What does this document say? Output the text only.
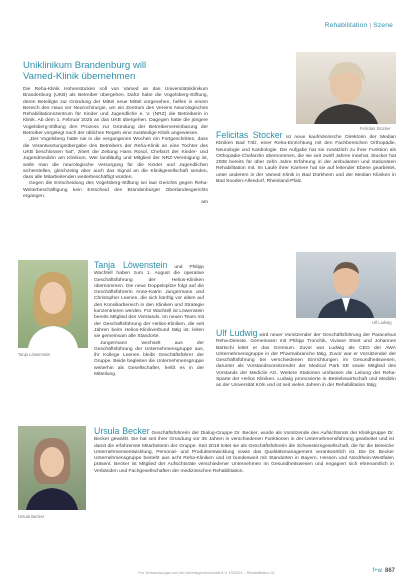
Rehabilitation | Szene
Uniklinikum Brandenburg will
Vamed-Klinik übernehmen

Die Reha-Klinik Hohenstücken soll von Vamed an das Universitätsklinikum Brandenburg (UKB) als Betreiber übergehen. Dafür habe die Vogelsberg-Stiftung, deren Beteiligte zur Gründung der Mittel neue Mittel vorgesehen, helfen in einem Bereich des Haus vor Neurochirurgie, um ein Zentrum des Vereins Neurologisches Rehabilitationszentrum für Kinder und Jugendliche e. V. (NRZ) die Betreiberin in Klinik. Ab dem 1. Februar 2025 an das UKB übergehen. Dagegen hatte die jüngere Vogelsberg-Stiftung den Prozess zur Gründung der Betreibervereinbarung der Betreiber vorgelegt nach der üblichen Regeln eine zuständige Klinik angewiesen.

„Der Vogelsberg hatte nie in die vergangenen Wochen ein Fortgeschritten, dass die Verantwortungsübergabe des Betreibers der Reha-Klinik an eine Tochter des UKB beschlossen hat“, zitiert die Zeitung Hans Rosol, Chefarzt der Kinder- und Jugendmedizin am Klinikum. Wer landläufig und Mitglied der NRZ-Vereinigung ist, wolle man die neurologische Versorgung für die Kinder und Jugendlichen sicherstellen, gleichzeitig aber auch das Signal an die Klinikgesellschaft senden, dass alle Mitarbeitenden weiterbeschäftigt würden.

Gegen die Entscheidung des Vogelsberg-Stiftung sei laut Gerichts gegen Reha-Weiterbeschäftigung kein Entscheid des Brandenburger Oberlandesgerichts ergangen.

am
Felicitas Stocker
Felicitas Stocker ist neue kaufmännische Direktorin der Median Kliniken Bad Tölz, einer Reha-Einrichtung mit den Fachbereichen Orthopädie, Neurologie und Kardiologie. Die Aufgabe hat sie zusätzlich zu ihrer Funktion als Orthopädie-Chefarztin übernommen, die sie seit zwölf Jahren innehat. Stocker hat 2008 bereits für über zehn Jahre Erfahrung in der ambulanten und stationären Rehabilitation mit. Im Laufe ihrer Karriere hat sie auf leitender Ebene gearbeitet, unter anderem in der Vamed Klinik in Bad Dürkheim und der Median Kliniken in Bad Sooden-Allendorf, Rheinland-Pfalz.
Tanja Löwenstein

Tanja Löwenstein und Philipp Wachtell haben zum 1. August die operative Geschäftsführung der Helios-Kliniken übernommen. Die neue Doppelspitze folgt auf die Geschäftsführerin Anne-Katrin Jungermann und Christopher Leenen, die sich künftig vor allem auf den Konsiliarbereich in den Kliniken und Strategie konzentrieren werden. Für Wachtell ist Löwenstein bereits Mitglied des Vorstands. Im neuen Team mit der Geschäftsführung der Helios-Kliniken, die seit Jahren beim Helios-Klinikverbund tätig ist, leiten sie gemeinsam alle Standorte.

Jungermann wechselt aus der Geschäftsführung der Unternehmensgruppe aus, ihr Kollege Leenen bleibt Geschäftsführer der Gruppe. Beide begleiten die Unternehmensgruppe weiterhin als Gesellschafter, heißt es in der Mitteilung.

Ulf Ludwig
Ulf Ludwig wird neuer Vorsitzender der Geschäftsführung der Paracelsus Reha-Dienste. Gemeinsam mit Philipp Tronchik, Viviane Streit und Johannes Bärtschi leitet er das Gremium. Zuvor war Ludwig als CEO der AWA Unternehmensgruppe in der Pharmabranche tätig. Zuvor war er Vorsitzender der Geschäftsführung bei verschiedenen Einrichtungen im Gesundheitswesen, darunter als Vorstandsvorsitzender der Medical Park SE sowie Mitglied des Vorstands der Mediclin AG. Weitere Stationen umfassen die Leitung der Reha-Sparte der Helios Kliniken. Ludwig promovierte in Betriebswirtschaft und Medizin an der Universität Köln und ist seit vielen Jahren in der Rehabilitation tätig.
Ursula Becker
Ursula Becker Geschäftsführerin der Dialog-Gruppe Dr. Becker, wurde als Vorsitzende des Aufsichtsrats der Klinikgruppe Dr. Becker gewählt. Sie hat seit ihrer Gründung vor 35 Jahren in verschiedenen Funktionen in der Unternehmensführung gearbeitet und ist damit die erfahrenste Mitarbeiterin der Gruppe. Seit 2019 leitet sie als Geschäftsführerin die Schwesterngesellschaft, die für die Bereiche Unternehmensentwicklung, Personal- und Produktentwicklung sowie das Qualitätsmanagement verantwortlich ist. Die Dr. Becker Unternehmensgruppe besteht aus acht Reha-Kliniken und ist bundesweit mit Standorten in Bayern, Hessen und Nordrhein-Westfalen präsent. Becker ist Mitglied der Aufsichtsräte verschiedener Unternehmen im Gesundheitswesen und engagiert sich ehrenamtlich in Verbänden und Fachgesellschaften der medizinischen Rehabilitation.
f+w Verbandsorgan und der Arbeitsgemeinschaft e.V. 10/2024 – Rehabilitation 01	f+w 867
